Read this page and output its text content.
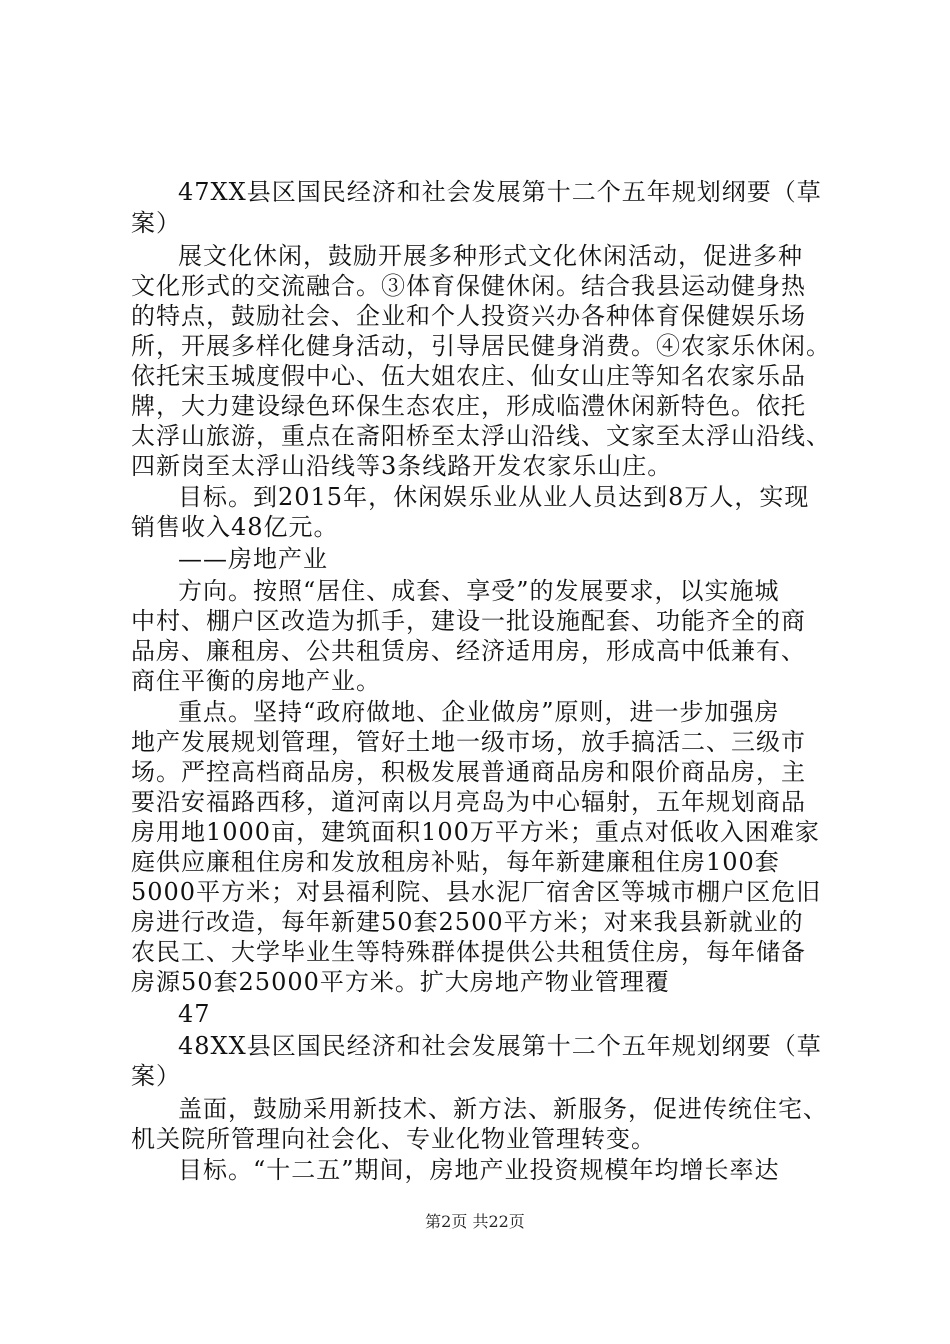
47XX县区国民经济和社会发展第十二个五年规划纲要（草
案）
展文化休闲，鼓励开展多种形式文化休闲活动，促进多种
文化形式的交流融合。③体育保健休闲。结合我县运动健身热
的特点，鼓励社会、企业和个人投资兴办各种体育保健娱乐场
所，开展多样化健身活动，引导居民健身消费。④农家乐休闲。
依托宋玉城度假中心、伍大姐农庄、仙女山庄等知名农家乐品
牌，大力建设绿色环保生态农庄，形成临澧休闲新特色。依托
太浮山旅游，重点在斋阳桥至太浮山沿线、文家至太浮山沿线、
四新岗至太浮山沿线等3条线路开发农家乐山庄。
目标。到2015年，休闲娱乐业从业人员达到8万人，实现
销售收入48亿元。
——房地产业
方向。按照“居住、成套、享受”的发展要求，以实施城
中村、棚户区改造为抓手，建设一批设施配套、功能齐全的商
品房、廉租房、公共租赁房、经济适用房，形成高中低兼有、
商住平衡的房地产业。
重点。坚持“政府做地、企业做房”原则，进一步加强房
地产发展规划管理，管好土地一级市场，放手搞活二、三级市
场。严控高档商品房，积极发展普通商品房和限价商品房，主
要沿安福路西移，道河南以月亮岛为中心辐射，五年规划商品
房用地1000亩，建筑面积100万平方米；重点对低收入困难家
庭供应廉租住房和发放租房补贴，每年新建廉租住房100套
5000平方米；对县福利院、县水泥厂宿舍区等城市棚户区危旧
房进行改造，每年新建50套2500平方米；对来我县新就业的
农民工、大学毕业生等特殊群体提供公共租赁住房，每年储备
房源50套25000平方米。扩大房地产物业管理覆
47
48XX县区国民经济和社会发展第十二个五年规划纲要（草
案）
盖面，鼓励采用新技术、新方法、新服务，促进传统住宅、
机关院所管理向社会化、专业化物业管理转变。
目标。“十二五”期间，房地产业投资规模年均增长率达
第2页 共22页
